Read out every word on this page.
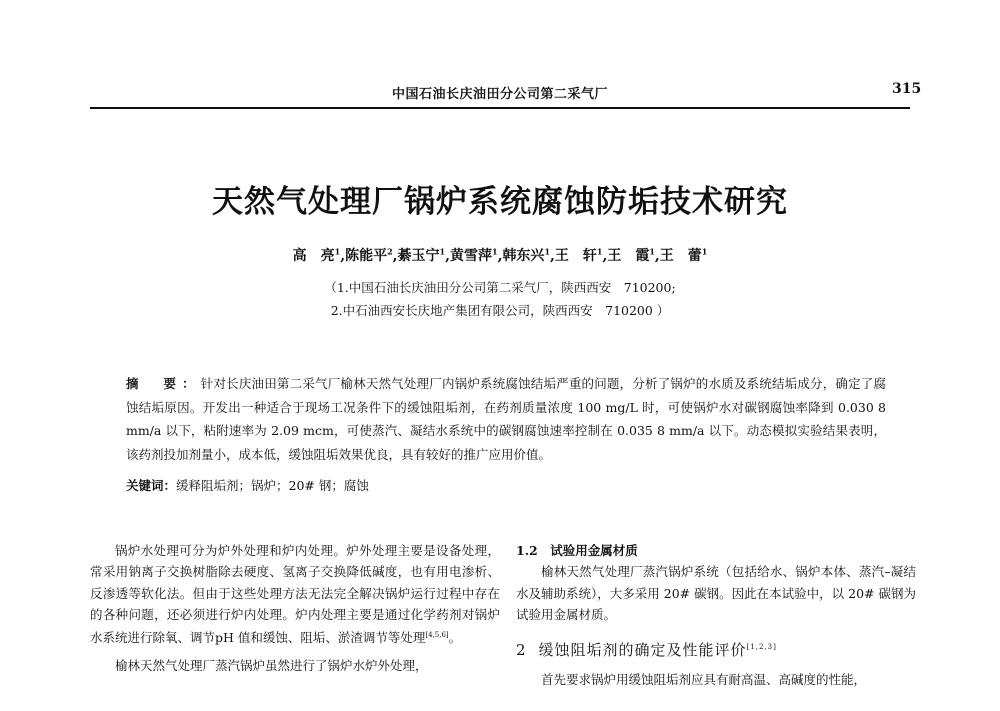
中国石油长庆油田分公司第二采气厂	315
天然气处理厂锅炉系统腐蚀防垢技术研究
高　亮$^1$,陈能平$^2$,綦玉宁$^1$,黄雪萍$^1$,韩东兴$^1$,王　轩$^1$,王　霞$^1$,王　蕾$^1$
（1.中国石油长庆油田分公司第二采气厂，陕西西安　710200;
2.中石油西安长庆地产集团有限公司，陕西西安　710200 ）
摘　要：针对长庆油田第二采气厂榆林天然气处理厂内锅炉系统腐蚀结垢严重的问题，分析了锅炉的水质及系统结垢成分，确定了腐蚀结垢原因。开发出一种适合于现场工况条件下的缓蚀阻垢剂，在药剂质量浓度 100 mg/L 时，可使锅炉水对碳钢腐蚀率降到 0.030 8 mm/a 以下，粘附速率为 2.09 mcm，可使蒸汽、凝结水系统中的碳钢腐蚀速率控制在 0.035 8 mm/a 以下。动态模拟实验结果表明，该药剂投加剂量小，成本低，缓蚀阻垢效果优良，具有较好的推广应用价值。
关键词：缓释阻垢剂；锅炉；20# 钢；腐蚀

锅炉水处理可分为炉外处理和炉内处理。炉外处理主要是设备处理，常采用钠离子交换树脂除去硬度、氢离子交换降低碱度，也有用电渗析、反渗透等软化法。但由于这些处理方法无法完全解决锅炉运行过程中存在的各种问题，还必须进行炉内处理。炉内处理主要是通过化学药剂对锅炉水系统进行除氧、调节pH 值和缓蚀、阻垢、淤渣调节等处理[4,5,6]。

榆林天然气处理厂蒸汽锅炉虽然进行了锅炉水炉外处理，

1.2　试验用金属材质

榆林天然气处理厂蒸汽锅炉系统（包括给水、锅炉本体、蒸汽–凝结水及辅助系统），大多采用 20# 碳钢。因此在本试验中，以 20# 碳钢为试验用金属材质。

2 缓蚀阻垢剂的确定及性能评价[1,2,3]

首先要求锅炉用缓蚀阻垢剂应具有耐高温、高碱度的性能，
